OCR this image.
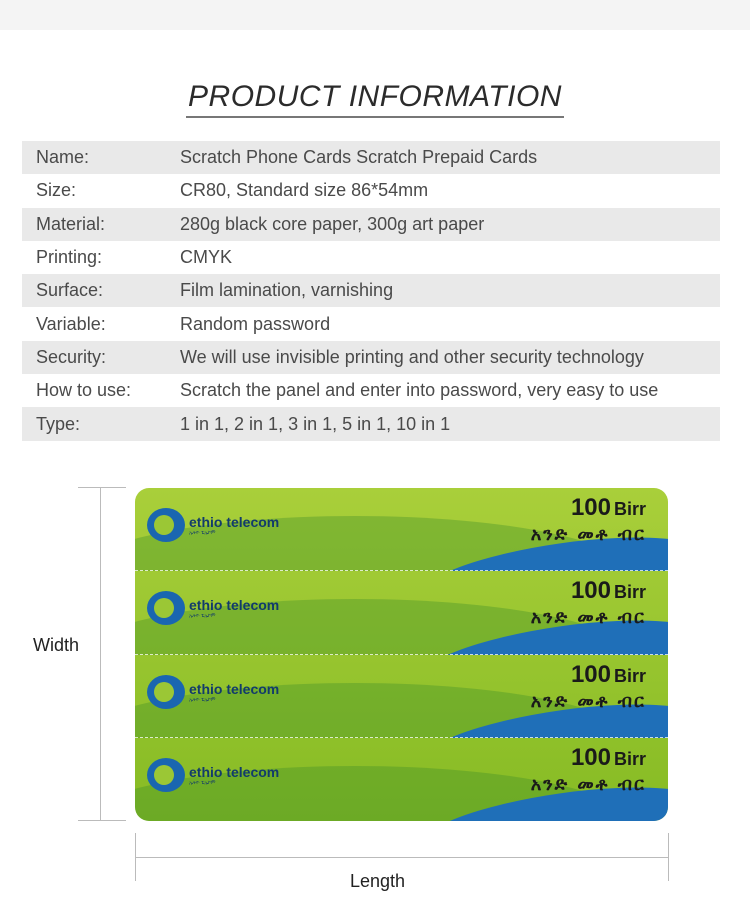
PRODUCT INFORMATION
Name:	Scratch Phone Cards Scratch Prepaid Cards
Size:	CR80, Standard size 86*54mm
Material:	280g black core paper, 300g art paper
Printing:	CMYK
Surface:	Film lamination, varnishing
Variable:	Random password
Security:	We will use invisible printing and other security technology
How to use:	Scratch the panel and enter into password, very easy to use
Type:	1 in 1, 2 in 1, 3 in 1, 5 in 1, 10 in 1
Width
ethio telecom
ኢትዮ ቴሌኮም
100 Birr
አንድ መቶ ብር
ethio telecom
ኢትዮ ቴሌኮም
100 Birr
አንድ መቶ ብር
ethio telecom
ኢትዮ ቴሌኮም
100 Birr
አንድ መቶ ብር
ethio telecom
ኢትዮ ቴሌኮም
100 Birr
አንድ መቶ ብር
Length
